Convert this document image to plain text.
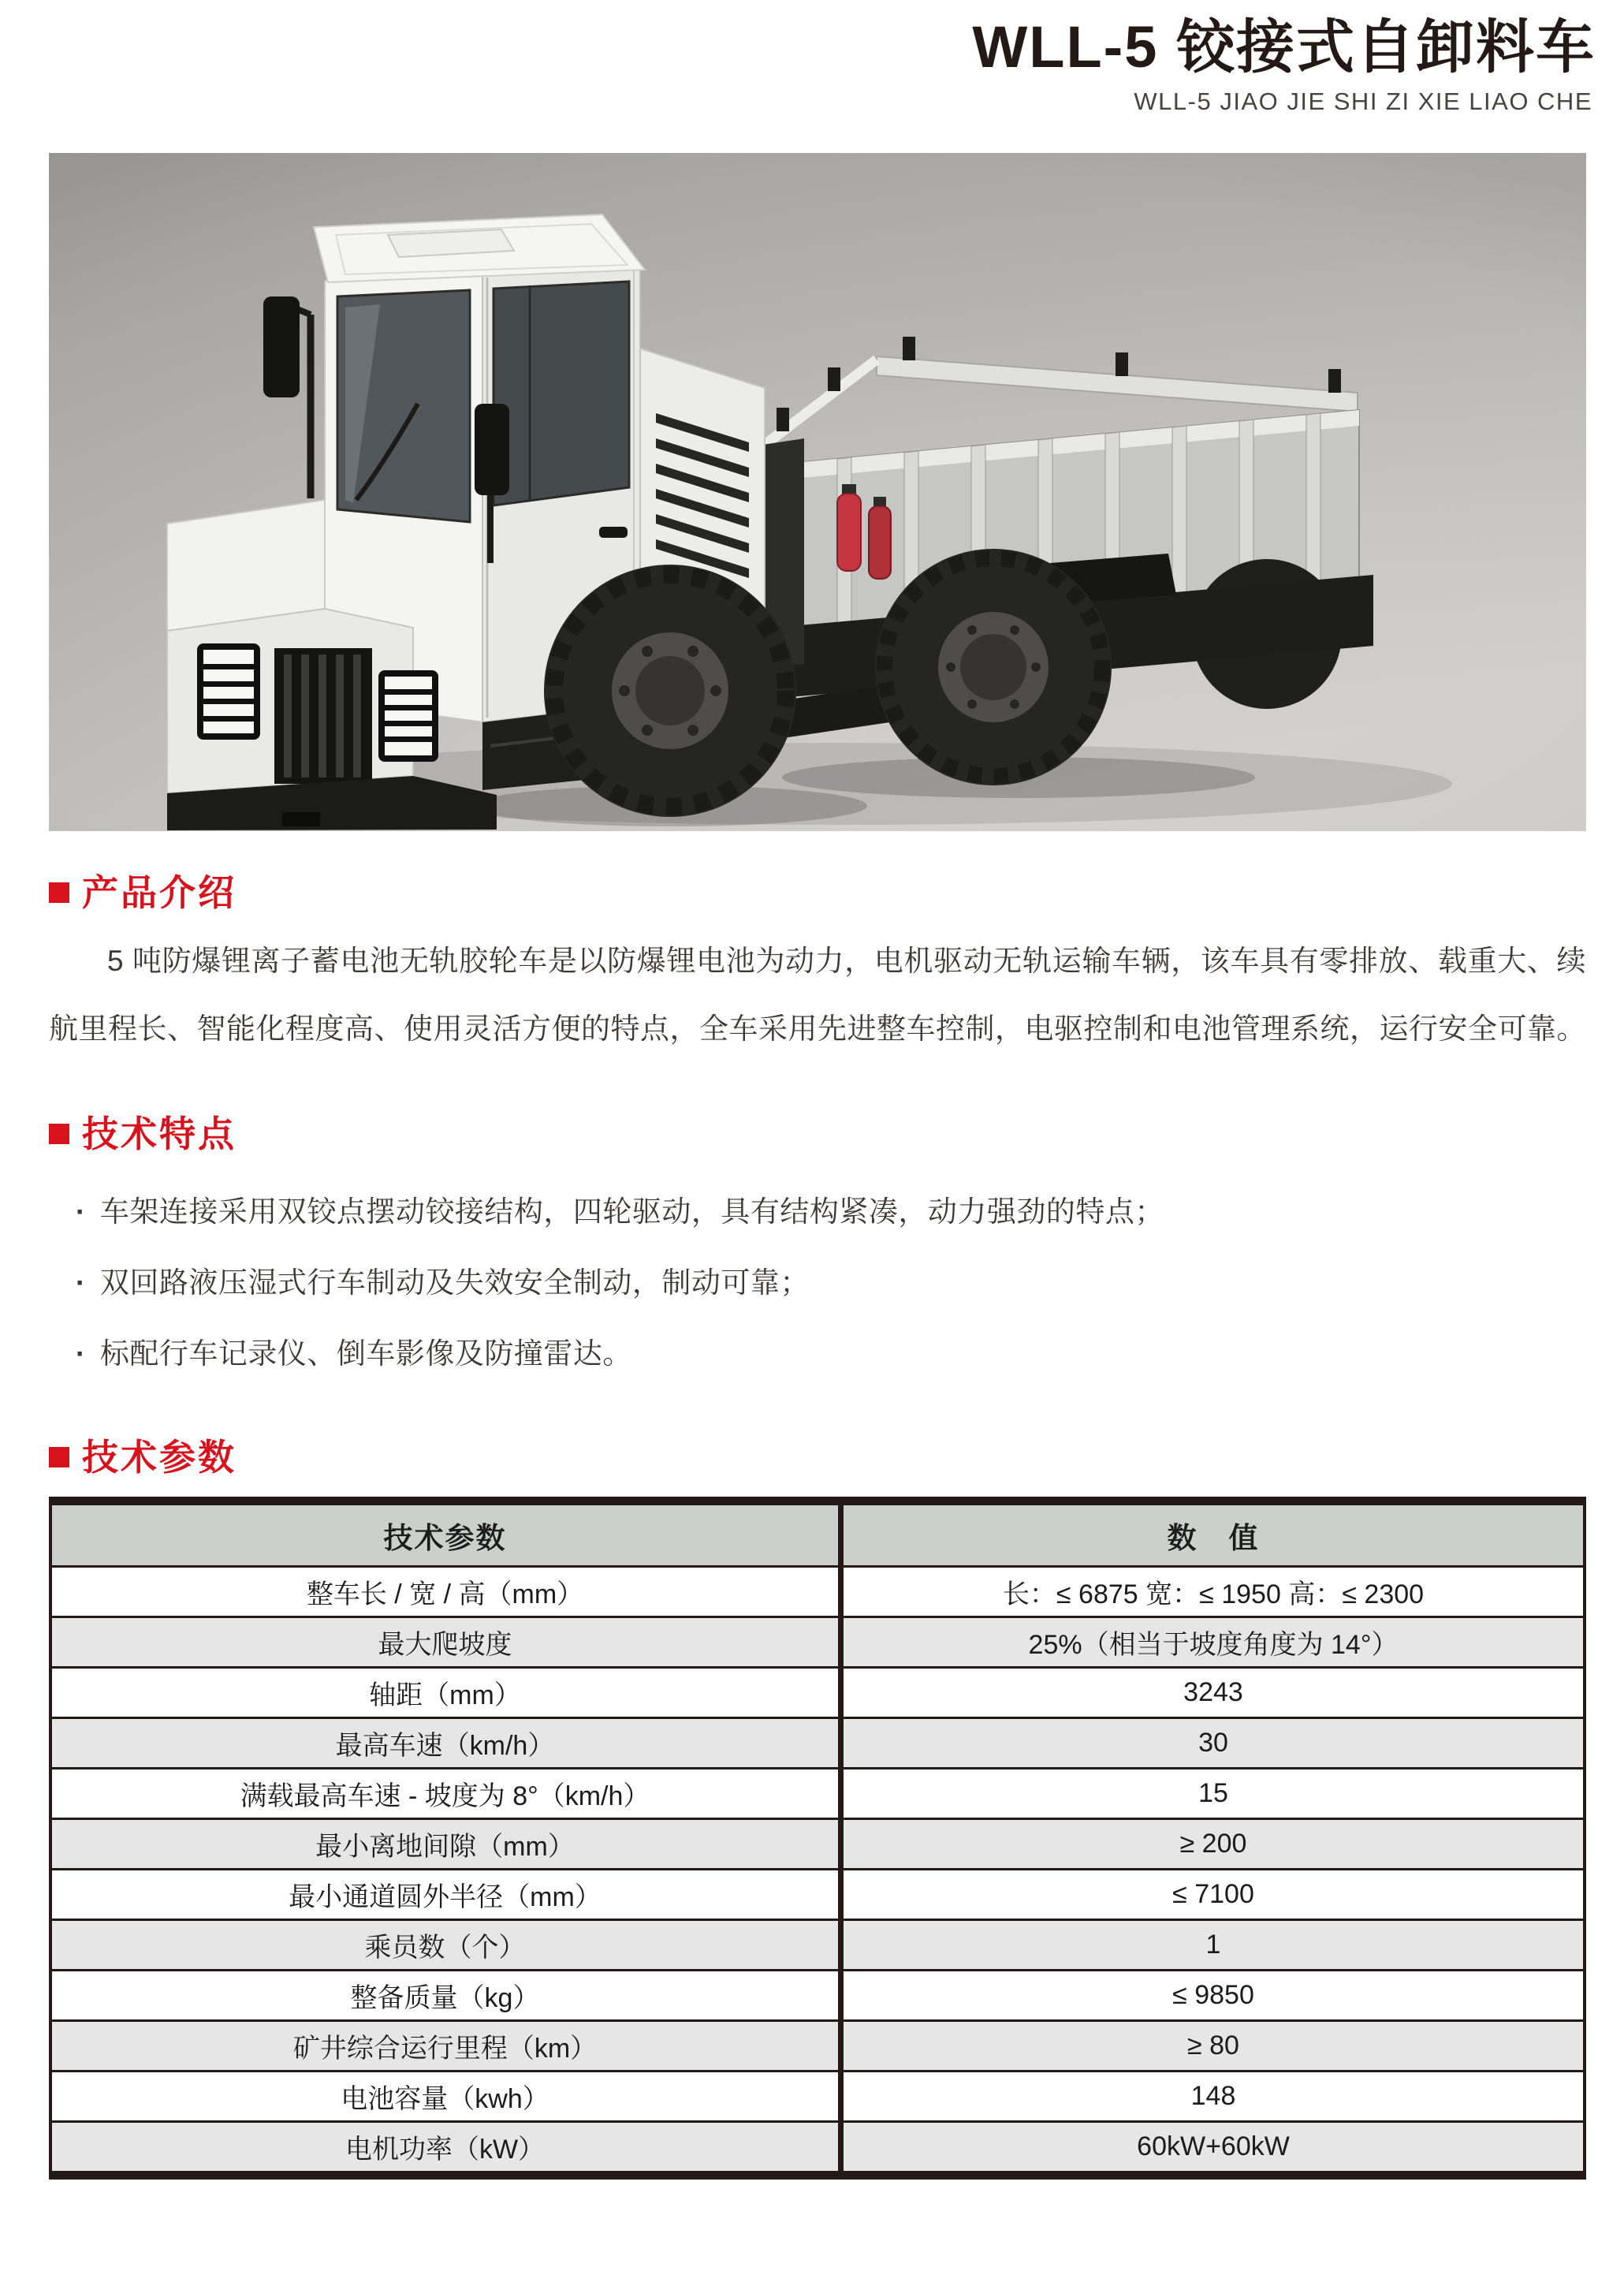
WLL-5 铰接式自卸料车
WLL-5 JIAO JIE SHI ZI XIE LIAO CHE
产品介绍

5 吨防爆锂离子蓄电池无轨胶轮车是以防爆锂电池为动力，电机驱动无轨运输车辆，该车具有零排放、载重大、续航里程长、智能化程度高、使用灵活方便的特点，全车采用先进整车控制，电驱控制和电池管理系统，运行安全可靠。

技术特点
· 车架连接采用双铰点摆动铰接结构，四轮驱动，具有结构紧凑，动力强劲的特点；
· 双回路液压湿式行车制动及失效安全制动，制动可靠；
· 标配行车记录仪、倒车影像及防撞雷达。
技术参数
技术参数	数　值
整车长 / 宽 / 高（mm）	长：≤ 6875 宽：≤ 1950 高：≤ 2300
最大爬坡度	25%（相当于坡度角度为 14°）
轴距（mm）	3243
最高车速（km/h）	30
满载最高车速 - 坡度为 8°（km/h）	15
最小离地间隙（mm）	≥ 200
最小通道圆外半径（mm）	≤ 7100
乘员数（个）	1
整备质量（kg）	≤ 9850
矿井综合运行里程（km）	≥ 80
电池容量（kwh）	148
电机功率（kW）	60kW+60kW
